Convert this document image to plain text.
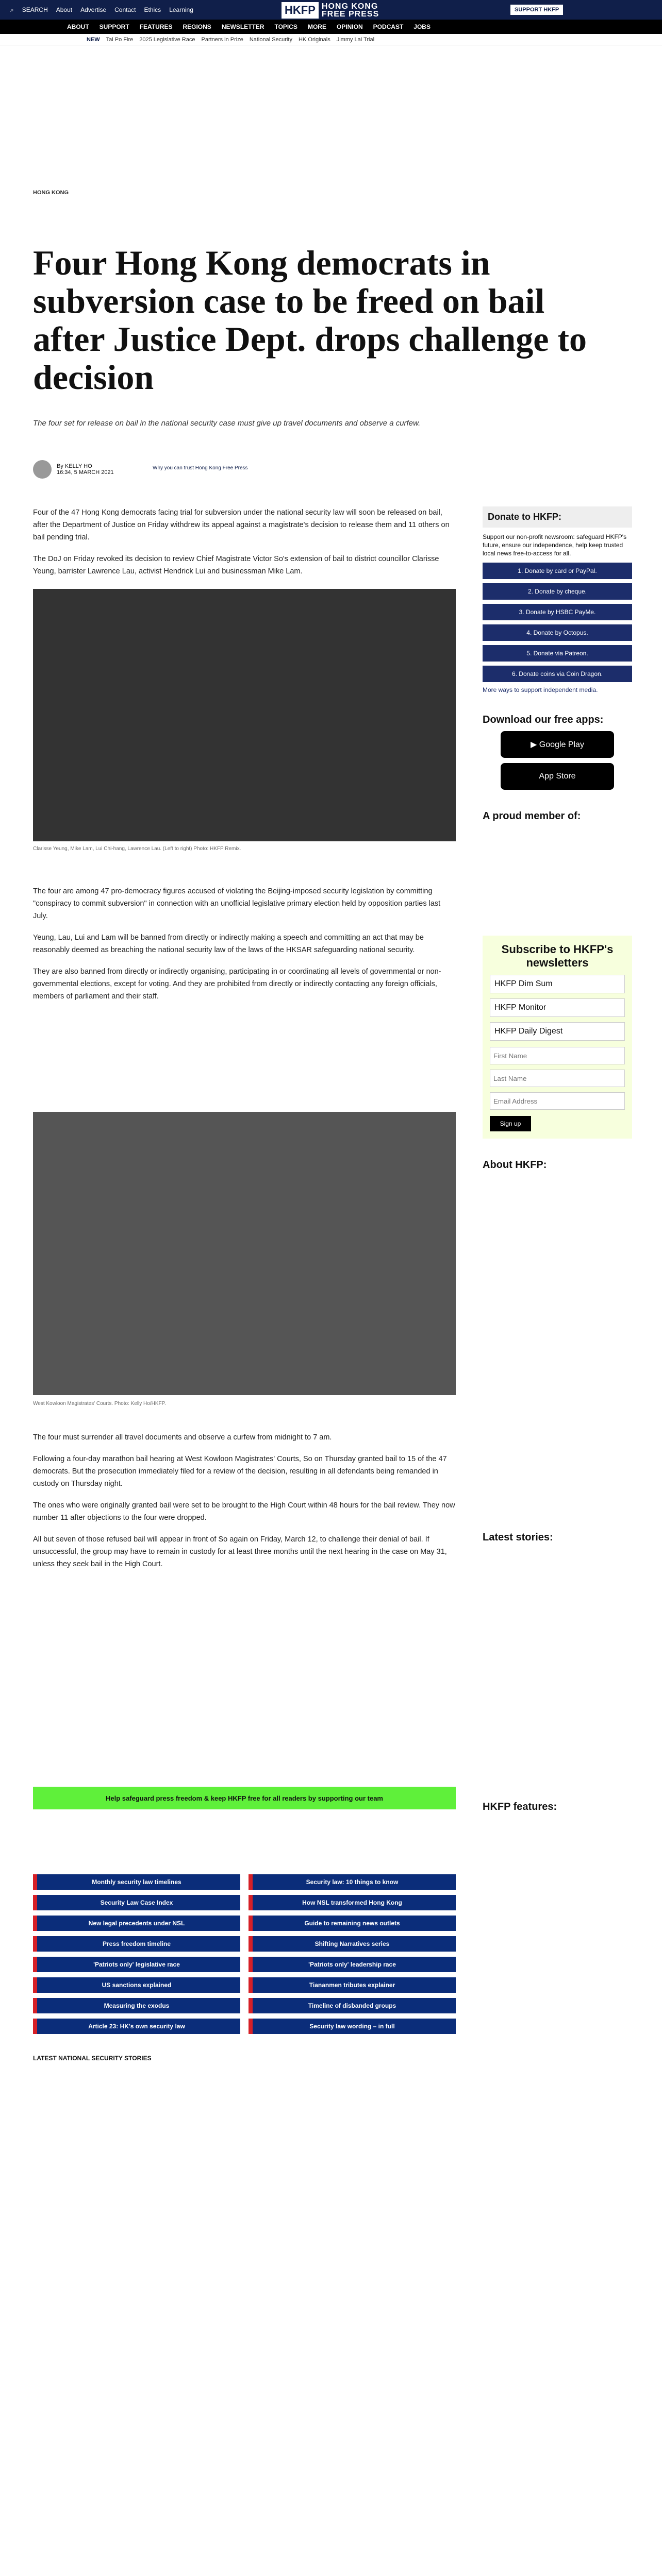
⌕ SEARCH About Advertise Contact Ethics Learning	HKFP HONG KONG
FREE PRESS	SUPPORT HKFP
ABOUT SUPPORT FEATURES REGIONS NEWSLETTER TOPICS MORE OPINION PODCAST JOBS
NEW Tai Po Fire 2025 Legislative Race Partners in Prize National Security HK Originals Jimmy Lai Trial
HONG KONG
Four Hong Kong democrats in subversion case to be freed on bail after Justice Dept. drops challenge to decision

The four set for release on bail in the national security case must give up travel documents and observe a curfew.

By KELLY HO
16:34, 5 MARCH 2021
Why you can trust Hong Kong Free Press

Four of the 47 Hong Kong democrats facing trial for subversion under the national security law will soon be released on bail, after the Department of Justice on Friday withdrew its appeal against a magistrate's decision to release them and 11 others on bail pending trial.

The DoJ on Friday revoked its decision to review Chief Magistrate Victor So's extension of bail to district councillor Clarisse Yeung, barrister Lawrence Lau, activist Hendrick Lui and businessman Mike Lam.

Clarisse Yeung, Mike Lam, Lui Chi-hang, Lawrence Lau. (Left to right) Photo: HKFP Remix.

The four are among 47 pro-democracy figures accused of violating the Beijing-imposed security legislation by committing "conspiracy to commit subversion" in connection with an unofficial legislative primary election held by opposition parties last July.

Yeung, Lau, Lui and Lam will be banned from directly or indirectly making a speech and committing an act that may be reasonably deemed as breaching the national security law of the laws of the HKSAR safeguarding national security.

They are also banned from directly or indirectly organising, participating in or coordinating all levels of governmental or non-governmental elections, except for voting. And they are prohibited from directly or indirectly contacting any foreign officials, members of parliament and their staff.

West Kowloon Magistrates' Courts. Photo: Kelly Ho/HKFP.

The four must surrender all travel documents and observe a curfew from midnight to 7 am.

Following a four-day marathon bail hearing at West Kowloon Magistrates' Courts, So on Thursday granted bail to 15 of the 47 democrats. But the prosecution immediately filed for a review of the decision, resulting in all defendants being remanded in custody on Thursday night.

The ones who were originally granted bail were set to be brought to the High Court within 48 hours for the bail review. They now number 11 after objections to the four were dropped.

All but seven of those refused bail will appear in front of So again on Friday, March 12, to challenge their denial of bail. If unsuccessful, the group may have to remain in custody for at least three months until the next hearing in the case on May 31, unless they seek bail in the High Court.

Help safeguard press freedom & keep HKFP free for all readers by supporting our team
Monthly security law timelines	Security law: 10 things to know
Security Law Case Index	How NSL transformed Hong Kong
New legal precedents under NSL	Guide to remaining news outlets
Press freedom timeline	Shifting Narratives series
'Patriots only' legislative race	'Patriots only' leadership race
US sanctions explained	Tiananmen tributes explainer
Measuring the exodus	Timeline of disbanded groups
Article 23: HK's own security law	Security law wording – in full
LATEST NATIONAL SECURITY STORIES
Donate to HKFP:
Support our non-profit newsroom: safeguard HKFP's future, ensure our independence, help keep trusted local news free-to-access for all.
1. Donate by card or PayPal.
2. Donate by cheque.
3. Donate by HSBC PayMe.
4. Donate by Octopus.
5. Donate via Patreon.
6. Donate coins via Coin Dragon.
More ways to support independent media.
Download our free apps:
▶ Google Play
App Store
A proud member of:
Subscribe to HKFP's newsletters
HKFP Dim Sum
HKFP Monitor
HKFP Daily Digest
First Name
Last Name
Email Address
Sign up
About HKFP:
Latest stories:
HKFP features:
